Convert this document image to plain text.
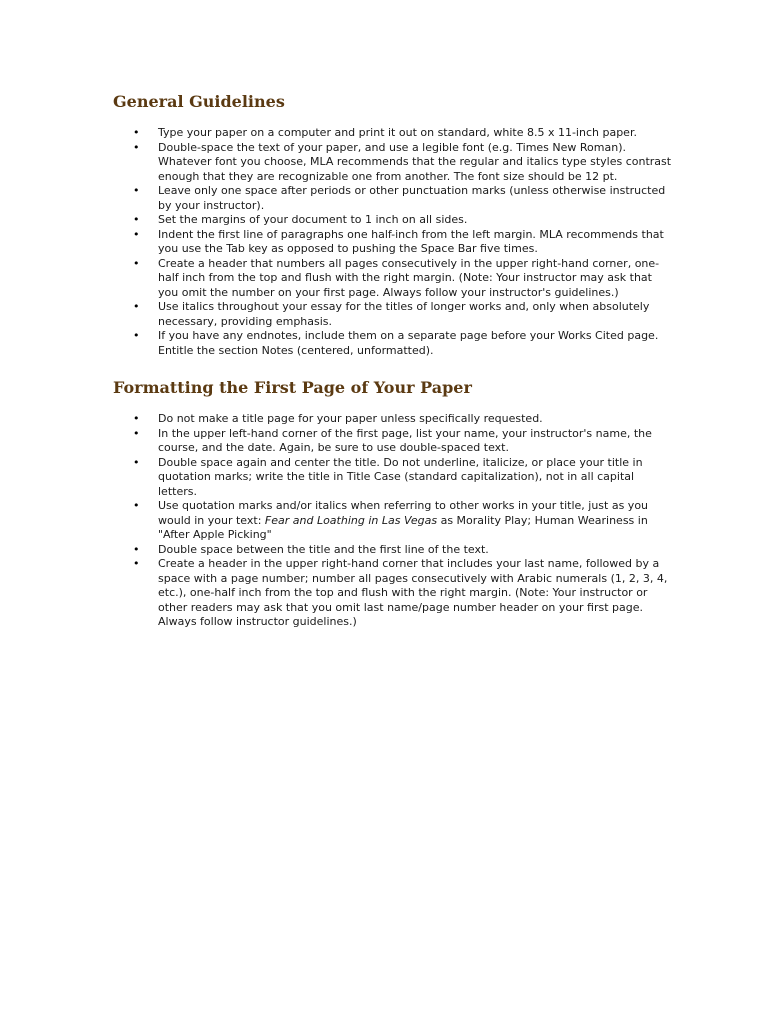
General Guidelines
• Type your paper on a computer and print it out on standard, white 8.5 x 11-inch paper.
• Double-space the text of your paper, and use a legible font (e.g. Times New Roman). Whatever font you choose, MLA recommends that the regular and italics type styles contrast enough that they are recognizable one from another. The font size should be 12 pt.
• Leave only one space after periods or other punctuation marks (unless otherwise instructed by your instructor).
• Set the margins of your document to 1 inch on all sides.
• Indent the first line of paragraphs one half-inch from the left margin. MLA recommends that you use the Tab key as opposed to pushing the Space Bar five times.
• Create a header that numbers all pages consecutively in the upper right-hand corner, one-half inch from the top and flush with the right margin. (Note: Your instructor may ask that you omit the number on your first page. Always follow your instructor's guidelines.)
• Use italics throughout your essay for the titles of longer works and, only when absolutely necessary, providing emphasis.
• If you have any endnotes, include them on a separate page before your Works Cited page. Entitle the section Notes (centered, unformatted).
Formatting the First Page of Your Paper
• Do not make a title page for your paper unless specifically requested.
• In the upper left-hand corner of the first page, list your name, your instructor's name, the course, and the date. Again, be sure to use double-spaced text.
• Double space again and center the title. Do not underline, italicize, or place your title in quotation marks; write the title in Title Case (standard capitalization), not in all capital letters.
• Use quotation marks and/or italics when referring to other works in your title, just as you would in your text: Fear and Loathing in Las Vegas as Morality Play; Human Weariness in "After Apple Picking"
• Double space between the title and the first line of the text.
• Create a header in the upper right-hand corner that includes your last name, followed by a space with a page number; number all pages consecutively with Arabic numerals (1, 2, 3, 4, etc.), one-half inch from the top and flush with the right margin. (Note: Your instructor or other readers may ask that you omit last name/page number header on your first page. Always follow instructor guidelines.)
